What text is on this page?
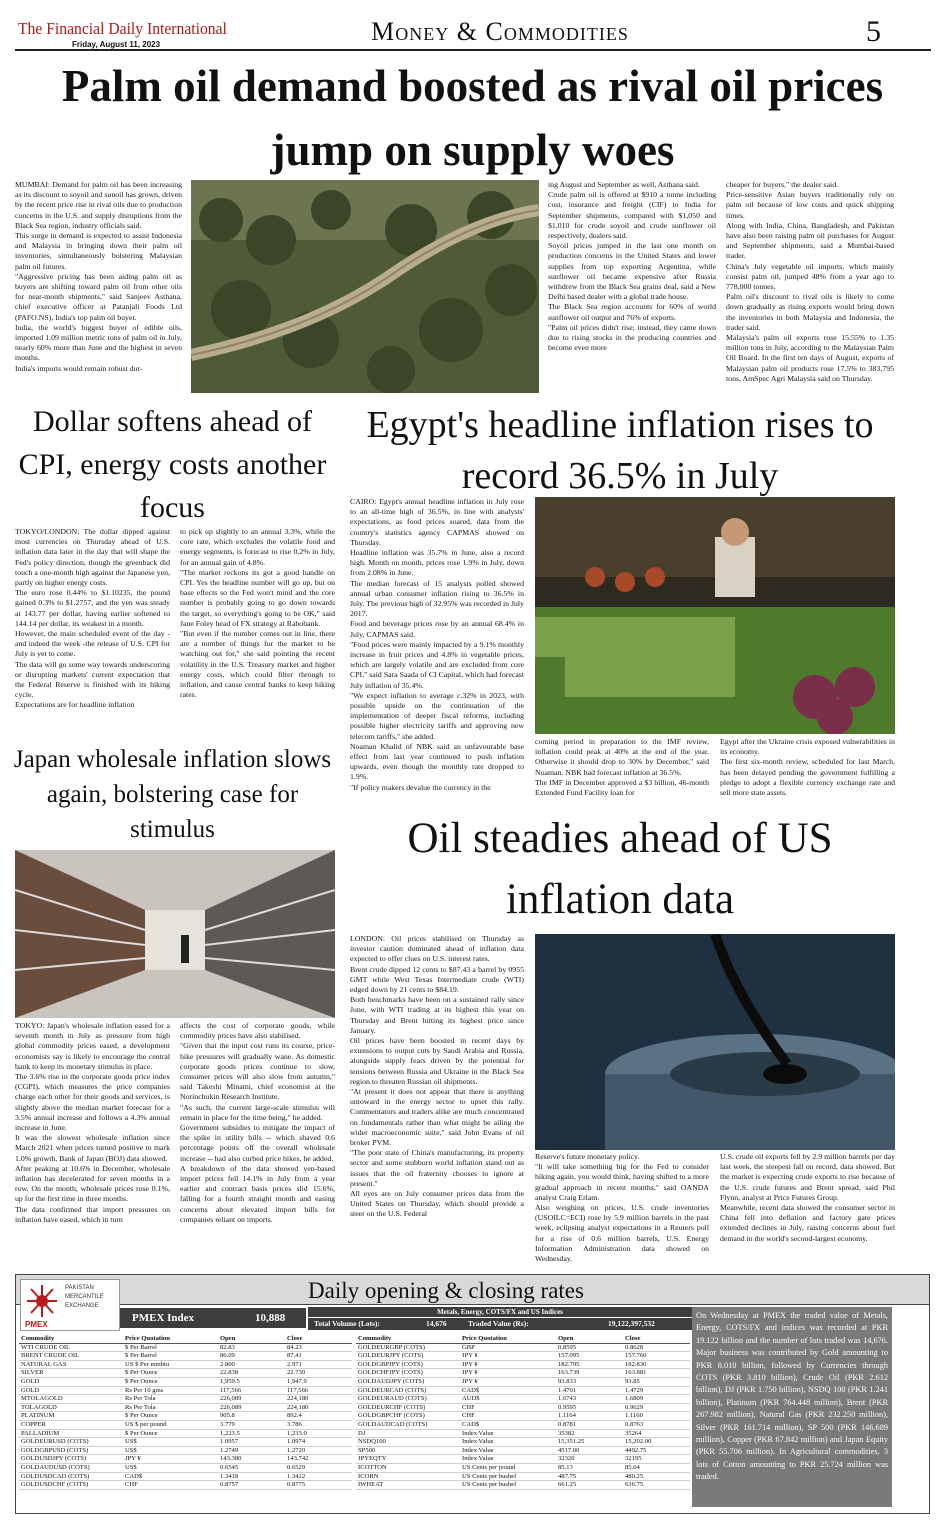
The Financial Daily International
Friday, August 11, 2023	Money & Commodities	5
Palm oil demand boosted as rival oil prices jump on supply woes
MUMBAI: Demand for palm oil has been increasing as its discount to soyoil and sunoil has grown, driven by the recent price rise in rival oils due to production concerns in the U.S. and supply disruptions from the Black Sea region, industry officials said.
This surge in demand is expected to assist Indonesia and Malaysia in bringing down their palm oil inventories, simultaneously bolstering Malaysian palm oil futures.
"Aggressive pricing has been aiding palm oil as buyers are shifting toward palm oil from other oils for near-month shipments," said Sanjeev Asthana, chief executive officer at Patanjali Foods Ltd (PAFO.NS), India's top palm oil buyer.
India, the world's biggest buyer of edible oils, imported 1.09 million metric tons of palm oil in July, nearly 60% more than June and the highest in seven months.
India's imports would remain robust dur-
ing August and September as well, Asthana said.
Crude palm oil is offered at $910 a tonne including cost, insurance and freight (CIF) to India for September shipments, compared with $1,050 and $1,010 for crude soyoil and crude sunflower oil respectively, dealers said.
Soyoil prices jumped in the last one month on production concerns in the United States and lower supplies from top exporting Argentina, while sunflower oil became expensive after Russia withdrew from the Black Sea grains deal, said a New Delhi based dealer with a global trade house.
The Black Sea region accounts for 60% of world sunflower oil output and 76% of exports.
"Palm oil prices didn't rise; instead, they came down due to rising stocks in the producing countries and become even more
cheaper for buyers," the dealer said.
Price-sensitive Asian buyers traditionally rely on palm oil because of low costs and quick shipping times.
Along with India, China, Bangladesh, and Pakistan have also been raising palm oil purchases for August and September shipments, said a Mumbai-based trader.
China's July vegetable oil imports, which mainly consist palm oil, jumped 48% from a year ago to 778,000 tonnes.
Palm oil's discount to rival oils is likely to come down gradually as rising exports would bring down the inventories in both Malaysia and Indonesia, the trader said.
Malaysia's palm oil exports rose 15.55% to 1.35 million tons in July, according to the Malaysian Palm Oil Board. In the first ten days of August, exports of Malaysian palm oil products rose 17.5% to 383,795 tons, AmSpec Agri Malaysia said on Thursday.
Dollar softens ahead of CPI, energy costs another focus
TOKYO/LONDON: The dollar dipped against most currencies on Thursday ahead of U.S. inflation data later in the day that will shape the Fed's policy direction, though the greenback did touch a one-month high against the Japanese yen, partly on higher energy costs.
The euro rose 0.44% to $1.10235, the pound gained 0.3% to $1.2757, and the yen was steady at 143.77 per dollar, having earlier softened to 144.14 per dollar, its weakest in a month.
However, the main scheduled event of the day - and indeed the week -the release of U.S. CPI for July is yet to come.
The data will go some way towards underscoring or disrupting markets' current expectation that the Federal Reserve is finished with its hiking cycle.
Expectations are for headline inflation
to pick up slightly to an annual 3.3%, while the core rate, which excludes the volatile food and energy segments, is forecast to rise 0.2% in July, for an annual gain of 4.8%.
"The market reckons its got a good handle on CPI. Yes the headline number will go up, but on base effects so the Fed won't mind and the core number is probably going to go down towards the target, so everything's going to be OK," said Jane Foley head of FX strategy at Rabobank.
"But even if the number comes out in line, there are a number of things for the market to be watching out for," she said pointing the recent volatility in the U.S. Treasury market and higher energy costs, which could filter through to inflation, and cause central banks to keep hiking rates.
Egypt's headline inflation rises to record 36.5% in July
CAIRO: Egypt's annual headline inflation in July rose to an all-time high of 36.5%, in line with analysts' expectations, as food prices soared, data from the country's statistics agency CAPMAS showed on Thursday.
Headline inflation was 35.7% in June, also a record high. Month on month, prices rose 1.9% in July, down from 2.08% in June.
The median forecast of 15 analysts polled showed annual urban consumer inflation rising to 36.5% in July. The previous high of 32.95% was recorded in July 2017.
Food and beverage prices rose by an annual 68.4% in July, CAPMAS said.
"Food prices were mainly impacted by a 9.1% monthly increase in fruit prices and 4.8% in vegetable prices, which are largely volatile and are excluded from core CPI," said Sara Saada of CI Capital, which had forecast July inflation of 35.4%.
"We expect inflation to average c.32% in 2023, with possible upside on the continuation of the implementation of deeper fiscal reforms, including possible higher electricity tariffs and approving new telecom tariffs," she added.
Noaman Khalid of NBK said an unfavourable base effect from last year continued to push inflation upwards, even though the monthly rate dropped to 1.9%.
"If policy makers devalue the currency in the
coming period in preparation to the IMF review, inflation could peak at 40% at the end of the year. Otherwise it should drop to 30% by December," said Noaman. NBK had forecast inflation at 36.5%.
The IMF in December approved a $3 billion, 46-month Extended Fund Facility loan for
Egypt after the Ukraine crisis exposed vulnerabilities in its economy.
The first six-month review, scheduled for last March, has been delayed pending the government fulfilling a pledge to adopt a flexible currency exchange rate and sell more state assets.
Japan wholesale inflation slows again, bolstering case for stimulus
TOKYO: Japan's wholesale inflation eased for a seventh month in July as pressure from high global commodity prices eased, a development economists say is likely to encourage the central bank to keep its monetary stimulus in place.
The 3.6% rise in the corporate goods price index (CGPI), which measures the price companies charge each other for their goods and services, is slightly above the median market forecast for a 3.5% annual increase and follows a 4.3% annual increase in June.
It was the slowest wholesale inflation since March 2021 when prices turned positive to mark 1.0% growth, Bank of Japan (BOJ) data showed.
After peaking at 10.6% in December, wholesale inflation has decelerated for seven months in a row. On the month, wholesale prices rose 0.1%, up for the first time in three months.
The data confirmed that import pressures on inflation have eased, which in turn
affects the cost of corporate goods, while commodity prices have also stabilised.
"Given that the input cost runs its course, price-hike pressures will gradually wane. As domestic corporate goods prices continue to slow, consumer prices will also slow from autumn," said Takeshi Minami, chief economist at the Norinchukin Research Institute.
"As such, the current large-scale stimulus will remain in place for the time being," he added.
Government subsidies to mitigate the impact of the spike in utility bills -- which shaved 0.6 percentage points off the overall wholesale increase -- had also curbed price hikes, he added.
A breakdown of the data showed yen-based import prices fell 14.1% in July from a year earlier and contract basis prices slid 15.6%, falling for a fourth straight month and easing concerns about elevated import bills for companies reliant on imports.
Oil steadies ahead of US inflation data
LONDON: Oil prices stabilised on Thursday as investor caution dominated ahead of inflation data expected to offer clues on U.S. interest rates.
Brent crude dipped 12 cents to $87.43 a barrel by 0955 GMT while West Texas Intermediate crude (WTI) edged down by 21 cents to $84.19.
Both benchmarks have been on a sustained rally since June, with WTI trading at its highest this year on Thursday and Brent hitting its highest price since January.
Oil prices have been boosted in recent days by extensions to output cuts by Saudi Arabia and Russia, alongside supply fears driven by the potential for tensions between Russia and Ukraine in the Black Sea region to threaten Russian oil shipments.
"At present it does not appear that there is anything untoward in the energy sector to upset this rally. Commentators and traders alike are much concentrated on fundamentals rather than what might be ailing the wider macroeconomic suite," said John Evans of oil broker PVM.
"The poor state of China's manufacturing, its property sector and some stubborn world inflation stand out as issues that the oil fraternity chooses to ignore at present."
All eyes are on July consumer prices data from the United States on Thursday, which should provide a steer on the U.S. Federal
Reserve's future monetary policy.
"It will take something big for the Fed to consider hiking again, you would think, having shifted to a more gradual approach in recent months," said OANDA analyst Craig Erlam.
Also weighing on prices, U.S. crude inventories (USOILC=ECI) rose by 5.9 million barrels in the past week, eclipsing analyst expectations in a Reuters poll for a rise of 0.6 million barrels, U.S. Energy Information Administration data showed on Wednesday.
U.S. crude oil exports fell by 2.9 million barrels per day last week, the steepest fall on record, data showed. But the market is expecting crude exports to rise because of the U.S. crude futures and Brent spread, said Phil Flynn, analyst at Price Futures Group.
Meanwhile, recent data showed the consumer sector in China fell into deflation and factory gate prices extended declines in July, raising concerns about fuel demand in the world's second-largest economy.
Daily opening & closing rates
PAKISTAN
MERCANTILE
EXCHANGE
PMEX
PMEX Index	10,888	Metals, Energy, COTS/FX and US Indices
Total Volume (Lots):	14,676	Traded Value (Rs):	19,122,397,532
Commodity	Price Quotation	Open	Close
WTI CRUDE OIL	$ Per Barrel	82.83	84.23
BRENT CRUDE OIL	$ Per Barrel	86.09	87.41
NATURAL GAS	US $ Per mmbtu	2.800	2.971
SILVER	$ Per Ounce	22.838	22.730
GOLD	$ Per Ounce	1,959.5	1,947.9
GOLD	Rs Per 10 gms	117,566	117,566
MTOLAGOLD	Rs Per Tola	226,089	224,180
TOLAGOLD	Rs Per Tola	226,089	224,180
PLATINUM	$ Per Ounce	905.8	892.4
COPPER	US $ per pound	3.779	3.786
PALLADIUM	$ Per Ounce	1,223.5	1,233.0
GOLDEURUSD (COTS)	US$	1.0957	1.0974
GOLDGBPUSD (COTS)	US$	1.2749	1.2720
GOLDUSDJPY (COTS)	JPY ¥	143.380	143.742
GOLDAUDUSD (COTS)	US$	0.6545	0.6529
GOLDUSDCAD (COTS)	CAD$	1.3418	1.3422
GOLDUSDCHF (COTS)	CHF	0.8757	0.8775
Commodity	Price Quotation	Open	Close
GOLDEURGBP (COTS)	GBP	0.8595	0.8628
GOLDEURJPY (COTS)	JPY ¥	157.095	157.760
GOLDGBPJPY (COTS)	JPY ¥	182.795	182.830
GOLDCHFJPY (COTS)	JPY ¥	163.739	163.881
GOLDAUDJPY (COTS)	JPY ¥	93.833	93.85
GOLDEURCAD (COTS)	CAD$	1.4701	1.4729
GOLDEURAUD (COTS)	AUD$	1.6743	1.6809
GOLDEURCHF (COTS)	CHF	0.9595	0.9629
GOLDGBPCHF (COTS)	CHF	1.1164	1.1160
GOLDAUDCAD (COTS)	CAD$	0.8781	0.8763
DJ	Index Value	35382	35264
NSDQ100	Index Value	15,351.25	15,202.00
SP500	Index Value	4517.00	4492.75
JPYEQTY	Index Value	32320	32195
ICOTTON	US Cents per pound	85.13	85.04
ICORN	US Cents per bushel	487.75	480.25
IWHEAT	US Cents per bushel	661.25	636.75
On Wednesday at PMEX the traded value of Metals, Energy, COTS/FX and indices was recorded at PKR 19.122 billion and the number of lots traded was 14,676. Major business was contributed by Gold amounting to PKR 8.010 billion, followed by Currencies through COTS (PKR 3.810 billion), Crude Oil (PKR 2.612 billion), DJ (PKR 1.750 billion), NSDQ 100 (PKR 1.241 billion), Platinum (PKR 764.448 million), Brent (PKR 267.982 million), Natural Gas (PKR 232.250 million), Silver (PKR 161.714 million), SP 500 (PKR 146.689 million), Copper (PKR 67.842 million) and Japan Equity (PKR 55.706 million). In Agricultural commodities, 3 lots of Cotton amounting to PKR 25.724 million was traded.
